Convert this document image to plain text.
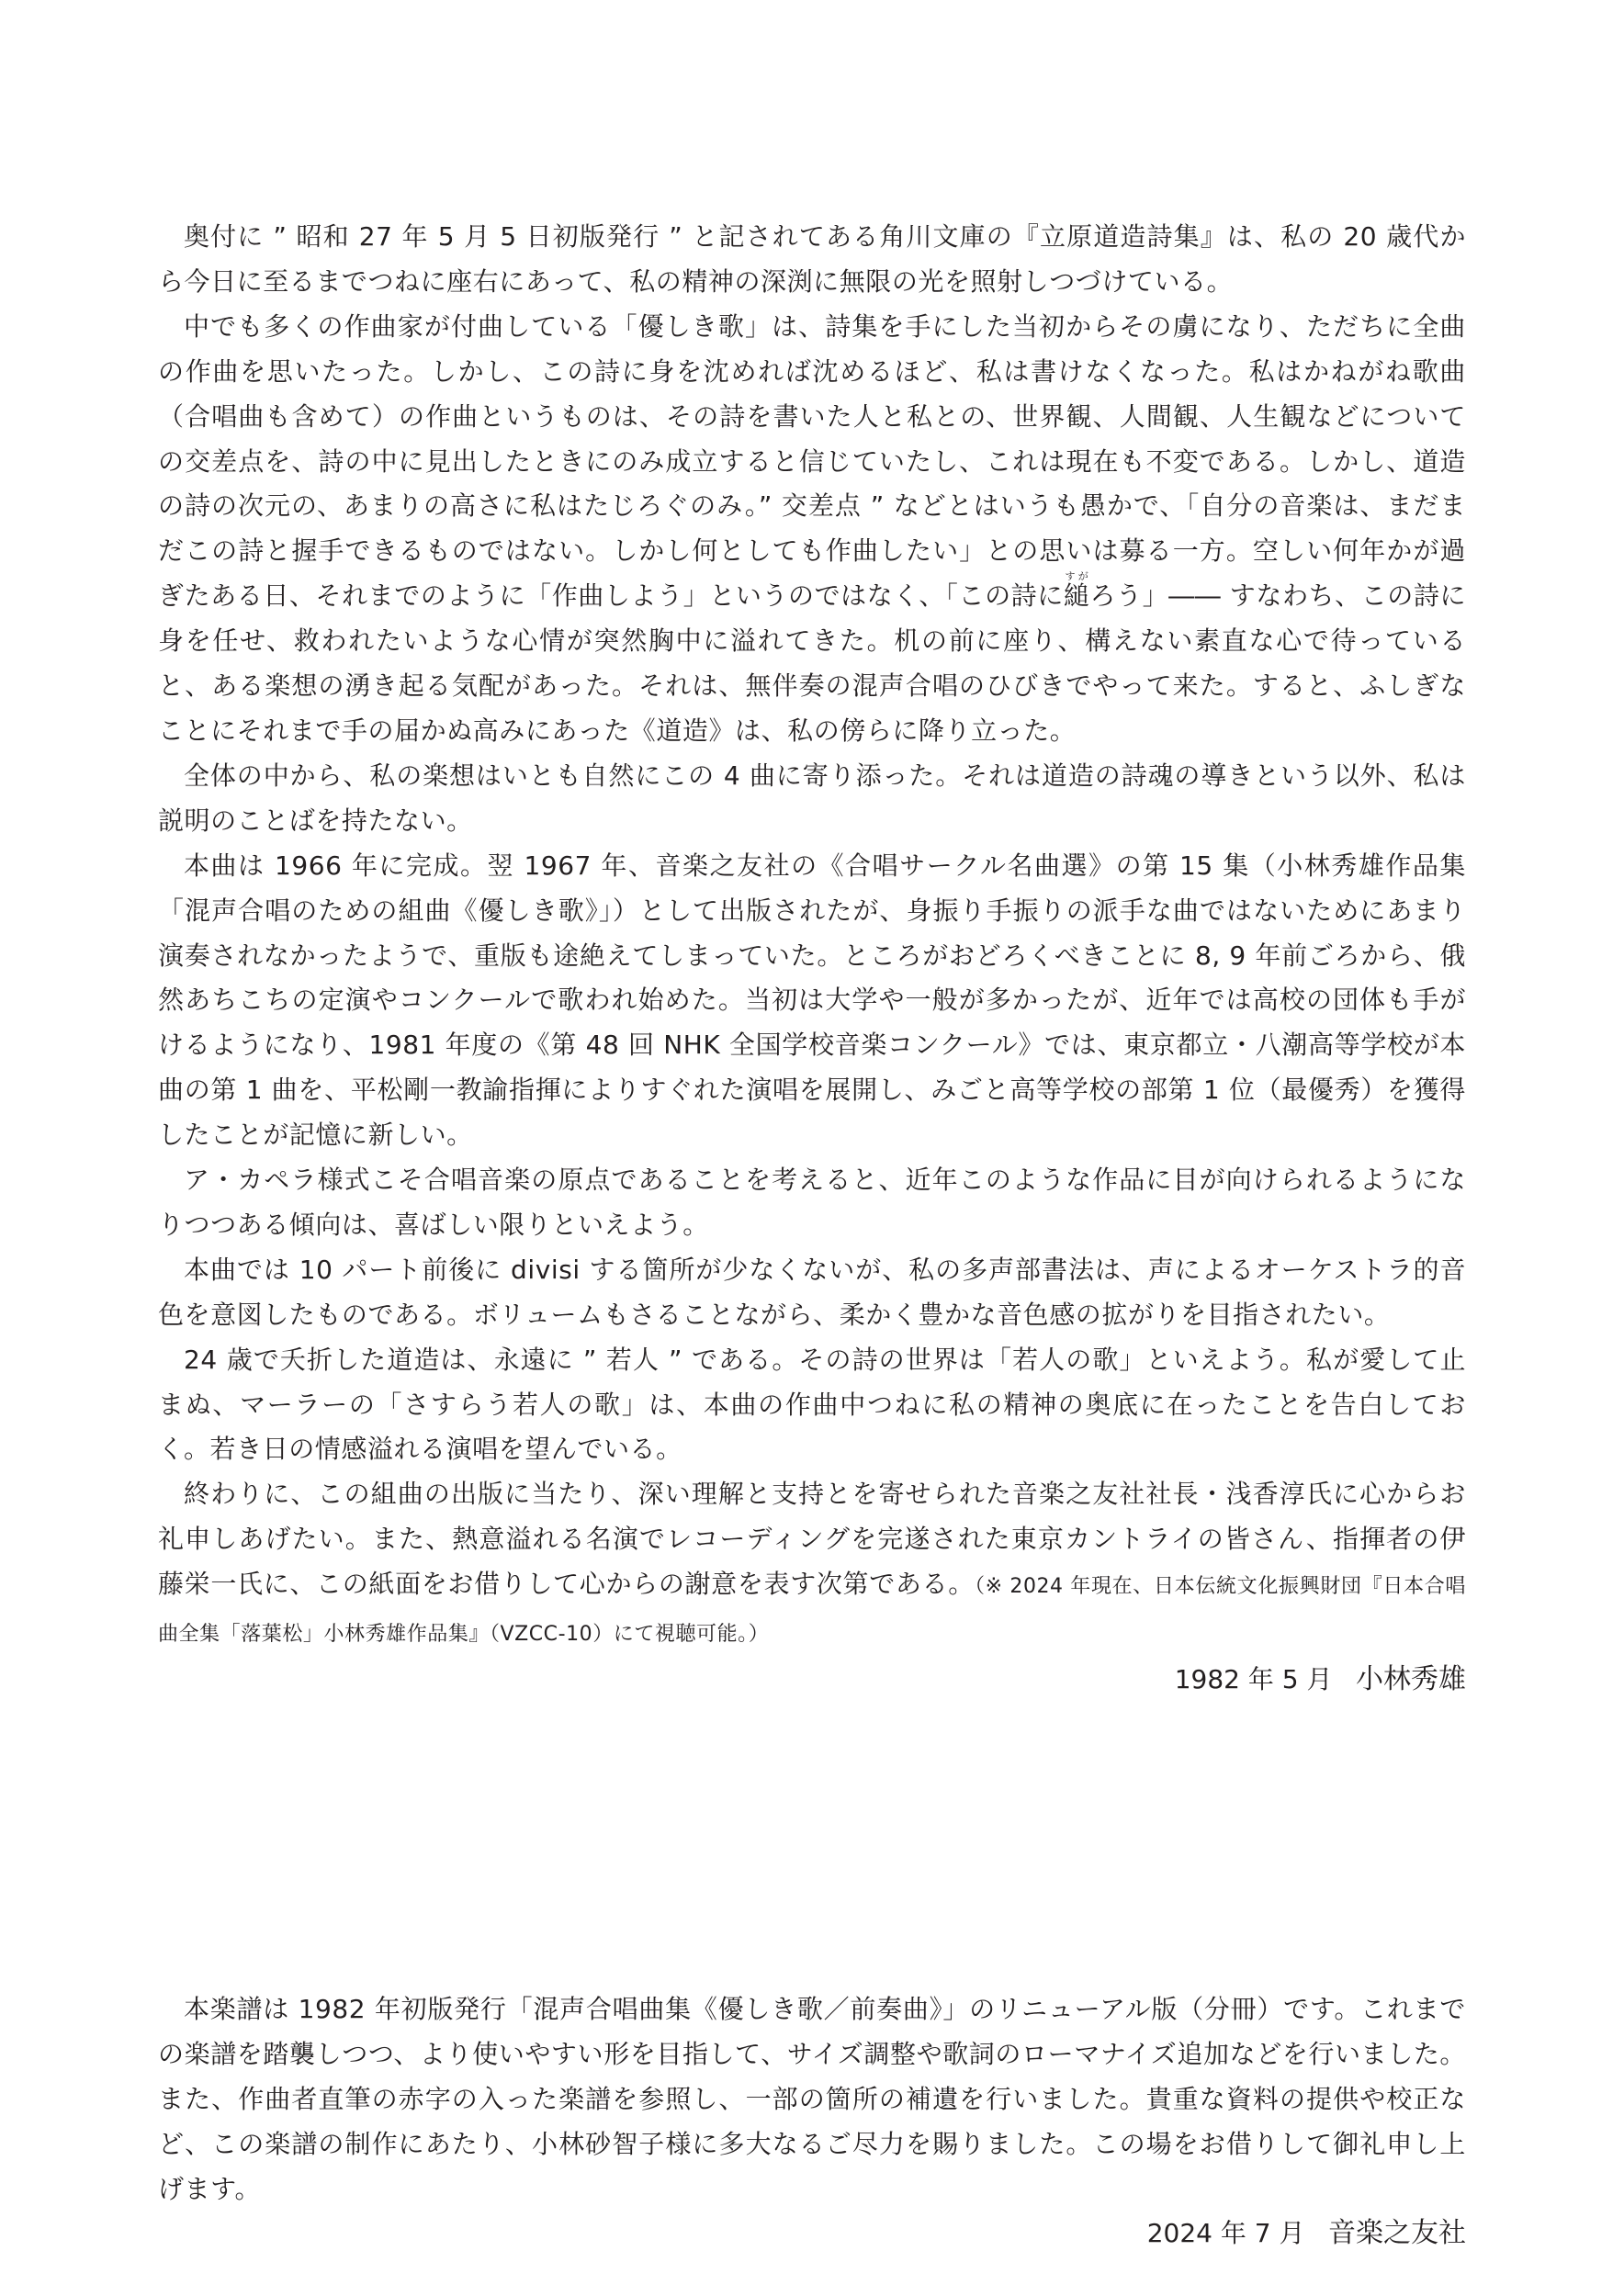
奥付に ” 昭和 27 年 5 月 5 日初版発行 ” と記されてある角川文庫の『立原道造詩集』は、私の 20 歳代から今日に至るまでつねに座右にあって、私の精神の深渕に無限の光を照射しつづけている。

中でも多くの作曲家が付曲している「優しき歌」は、詩集を手にした当初からその虜になり、ただちに全曲の作曲を思いたった。しかし、この詩に身を沈めれば沈めるほど、私は書けなくなった。私はかねがね歌曲（合唱曲も含めて）の作曲というものは、その詩を書いた人と私との、世界観、人間観、人生観などについての交差点を、詩の中に見出したときにのみ成立すると信じていたし、これは現在も不変である。しかし、道造の詩の次元の、あまりの高さに私はたじろぐのみ。” 交差点 ” などとはいうも愚かで、「自分の音楽は、まだまだこの詩と握手できるものではない。しかし何としても作曲したい」との思いは募る一方。空しい何年かが過ぎたある日、それまでのように「作曲しよう」というのではなく、「この詩に縋すがろう」―― すなわち、この詩に身を任せ、救われたいような心情が突然胸中に溢れてきた。机の前に座り、構えない素直な心で待っていると、ある楽想の湧き起る気配があった。それは、無伴奏の混声合唱のひびきでやって来た。すると、ふしぎなことにそれまで手の届かぬ高みにあった《道造》は、私の傍らに降り立った。

全体の中から、私の楽想はいとも自然にこの 4 曲に寄り添った。それは道造の詩魂の導きという以外、私は説明のことばを持たない。

本曲は 1966 年に完成。翌 1967 年、音楽之友社の《合唱サークル名曲選》の第 15 集（小林秀雄作品集「混声合唱のための組曲《優しき歌》」）として出版されたが、身振り手振りの派手な曲ではないためにあまり演奏されなかったようで、重版も途絶えてしまっていた。ところがおどろくべきことに 8, 9 年前ごろから、俄然あちこちの定演やコンクールで歌われ始めた。当初は大学や一般が多かったが、近年では高校の団体も手がけるようになり、1981 年度の《第 48 回 NHK 全国学校音楽コンクール》では、東京都立・八潮高等学校が本曲の第 1 曲を、平松剛一教諭指揮によりすぐれた演唱を展開し、みごと高等学校の部第 1 位（最優秀）を獲得したことが記憶に新しい。

ア・カペラ様式こそ合唱音楽の原点であることを考えると、近年このような作品に目が向けられるようになりつつある傾向は、喜ばしい限りといえよう。

本曲では 10 パート前後に divisi する箇所が少なくないが、私の多声部書法は、声によるオーケストラ的音色を意図したものである。ボリュームもさることながら、柔かく豊かな音色感の拡がりを目指されたい。

24 歳で夭折した道造は、永遠に ” 若人 ” である。その詩の世界は「若人の歌」といえよう。私が愛して止まぬ、マーラーの「さすらう若人の歌」は、本曲の作曲中つねに私の精神の奥底に在ったことを告白しておく。若き日の情感溢れる演唱を望んでいる。

終わりに、この組曲の出版に当たり、深い理解と支持とを寄せられた音楽之友社社長・浅香淳氏に心からお礼申しあげたい。また、熱意溢れる名演でレコーディングを完遂された東京カントライの皆さん、指揮者の伊藤栄一氏に、この紙面をお借りして心からの謝意を表す次第である。（※ 2024 年現在、日本伝統文化振興財団『日本合唱曲全集「落葉松」小林秀雄作品集』（VZCC-10）にて視聴可能。）

1982 年 5 月 小林秀雄

本楽譜は 1982 年初版発行「混声合唱曲集《優しき歌／前奏曲》」のリニューアル版（分冊）です。これまでの楽譜を踏襲しつつ、より使いやすい形を目指して、サイズ調整や歌詞のローマナイズ追加などを行いました。また、作曲者直筆の赤字の入った楽譜を参照し、一部の箇所の補遺を行いました。貴重な資料の提供や校正など、この楽譜の制作にあたり、小林砂智子様に多大なるご尽力を賜りました。この場をお借りして御礼申し上げます。

2024 年 7 月 音楽之友社
